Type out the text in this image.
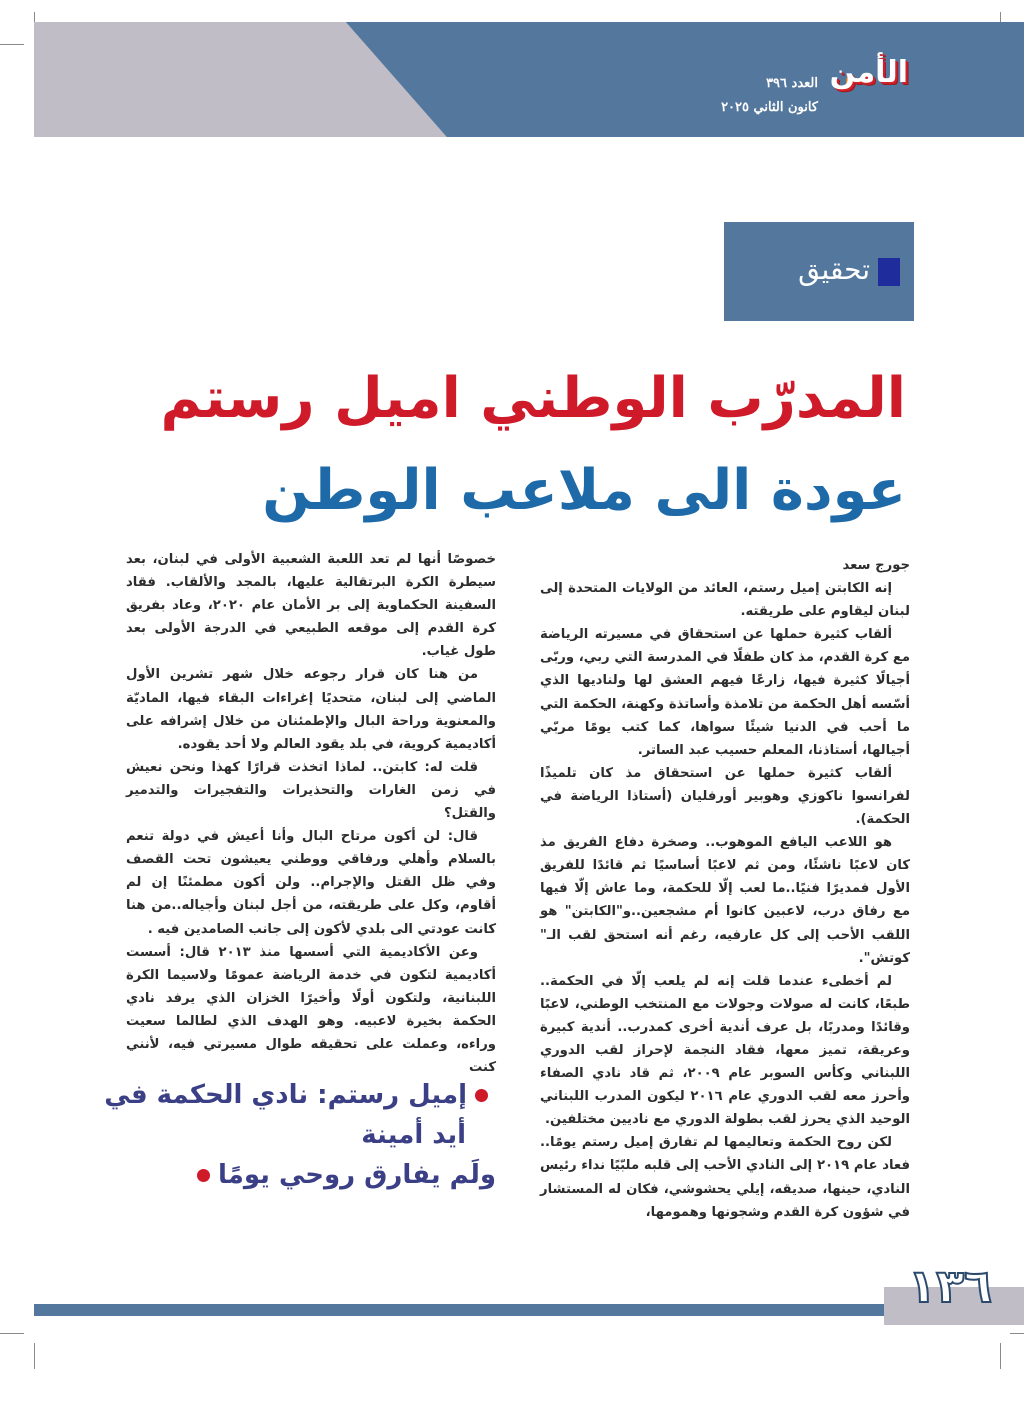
الأمن
العدد ٣٩٦
كانون الثاني ٢٠٢٥
تحقيق
المدرّب الوطني اميل رستم
عودة الى ملاعب الوطن

جورج سعد

إنه الكابتن إميل رستم، العائد من الولايات المتحدة إلى لبنان ليقاوم على طريقته.

ألقاب كثيرة حملها عن استحقاق في مسيرته الرياضة مع كرة القدم، مذ كان طفلًا في المدرسة التي ربي، وربّى أجيالًا كثيرة فيها، زارعًا فيهم العشق لها ولناديها الذي أسّسه أهل الحكمة من تلامذة وأساتذة وكهنة، الحكمة التي ما أحب في الدنيا شيئًا سواها، كما كتب يومًا مربّي أجيالها، أستاذنا، المعلم حسيب عبد الساتر.

ألقاب كثيرة حملها عن استحقاق مذ كان تلميذًا لفرانسوا ناكوزي وهوبير أورفليان (أستاذا الرياضة في الحكمة).

هو اللاعب اليافع الموهوب.. وصخرة دفاع الفريق مذ كان لاعبًا ناشئًا، ومن ثم لاعبًا أساسيًا ثم قائدًا للفريق الأول فمديرًا فنيًا..ما لعب إلّا للحكمة، وما عاش إلّا فيها مع رفاق درب، لاعبين كانوا أم مشجعين..و"الكابتن" هو اللقب الأحب إلى كل عارفيه، رغم أنه استحق لقب الـ" كوتش".

لم أخطىء عندما قلت إنه لم يلعب إلّا في الحكمة.. طبعًا، كانت له صولات وجولات مع المنتخب الوطني، لاعبًا وقائدًا ومدربًا، بل عرف أندية أخرى كمدرب.. أندية كبيرة وعريقة، تميز معها، فقاد النجمة لإحراز لقب الدوري اللبناني وكأس السوبر عام ٢٠٠٩، ثم قاد نادي الصفاء وأحرز معه لقب الدوري عام ٢٠١٦ ليكون المدرب اللبناني الوحيد الذي يحرز لقب بطولة الدوري مع ناديين مختلفين.

لكن روح الحكمة وتعاليمها لم تفارق إميل رستم يومًا.. فعاد عام ٢٠١٩ إلى النادي الأحب إلى قلبه ملبّيًا نداء رئيس النادي، حينها، صديقه، إيلي يحشوشي، فكان له المستشار في شؤون كرة القدم وشجونها وهمومها،

خصوصًا أنها لم تعد اللعبة الشعبية الأولى في لبنان، بعد سيطرة الكرة البرتقالية عليها، بالمجد والألقاب. فقاد السفينة الحكماوية إلى بر الأمان عام ٢٠٢٠، وعاد بفريق كرة القدم إلى موقعه الطبيعي في الدرجة الأولى بعد طول غياب.

من هنا كان قرار رجوعه خلال شهر تشرين الأول الماضي إلى لبنان، متحديًا إغراءات البقاء فيها، الماديّة والمعنوية وراحة البال والإطمئنان من خلال إشرافه على أكاديمية كروية، في بلد يقود العالم ولا أحد يقوده.

قلت له: كابتن.. لماذا اتخذت قرارًا كهذا ونحن نعيش في زمن الغارات والتحذيرات والتفجيرات والتدمير والقتل؟

قال: لن أكون مرتاح البال وأنا أعيش في دولة تنعم بالسلام وأهلي ورفاقي ووطني يعيشون تحت القصف وفي ظل القتل والإجرام.. ولن أكون مطمئنًا إن لم أقاوم، وكل على طريقته، من أجل لبنان وأجياله..من هنا كانت عودتي الى بلدي لأكون إلى جانب الصامدين فيه .

وعن الأكاديمية التي أسسها منذ ٢٠١٣ قال: أسست أكاديمية لتكون في خدمة الرياضة عمومًا ولاسيما الكرة اللبنانية، ولتكون أولًا وأخيرًا الخزان الذي يرفد نادي الحكمة بخيرة لاعبيه. وهو الهدف الذي لطالما سعيت وراءه، وعملت على تحقيقه طوال مسيرتي فيه، لأنني كنت

إميل رستم: نادي الحكمة في
أيد أمينة
ولَم يفارق روحي يومًا
١٣٦
